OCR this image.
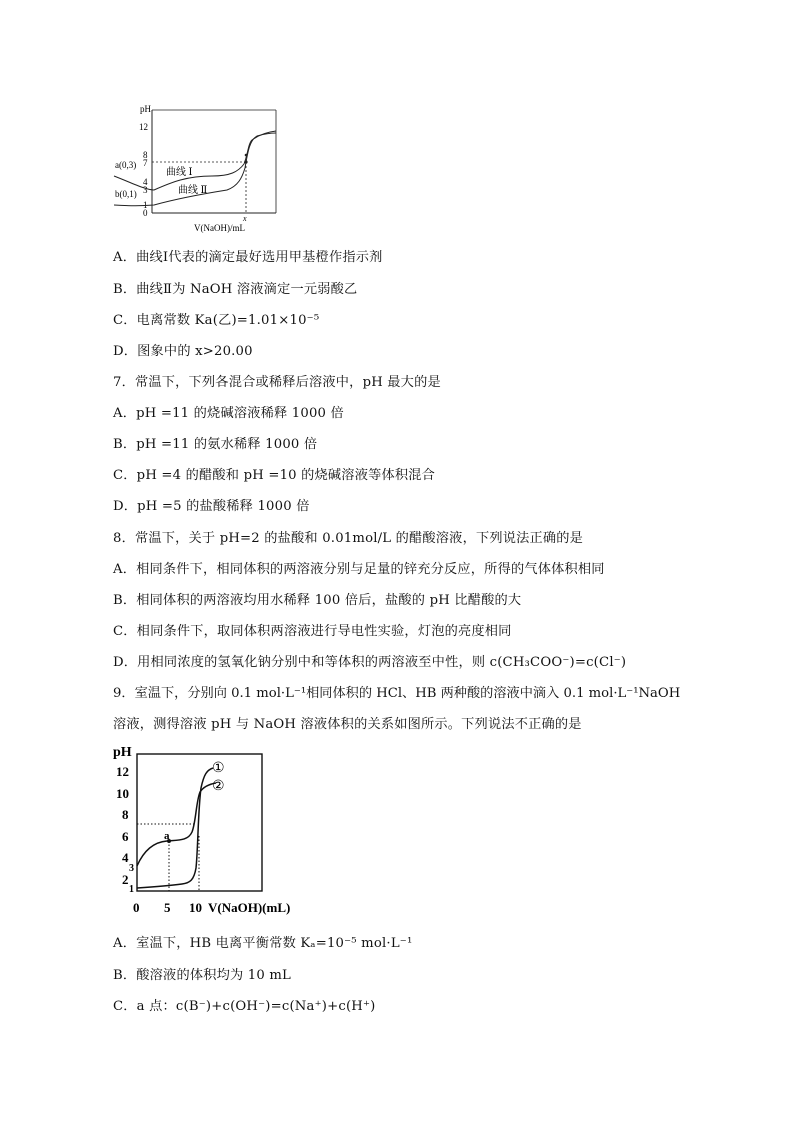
pH
12
8
7
4
3
1
0
a(0,3)
b(0,1)
曲线 Ⅰ
曲线 Ⅱ
x
V(NaOH)/mL
A．曲线Ⅰ代表的滴定最好选用甲基橙作指示剂
B．曲线Ⅱ为 NaOH 溶液滴定一元弱酸乙
C．电离常数 Ka(乙)=1.01×10⁻⁵
D．图象中的 x>20.00
7．常温下，下列各混合或稀释后溶液中，pH 最大的是
A．pH =11 的烧碱溶液稀释 1000 倍
B．pH =11 的氨水稀释 1000 倍
C．pH =4 的醋酸和 pH =10 的烧碱溶液等体积混合
D．pH =5 的盐酸稀释 1000 倍
8．常温下，关于 pH=2 的盐酸和 0.01mol/L 的醋酸溶液，下列说法正确的是
A．相同条件下，相同体积的两溶液分别与足量的锌充分反应，所得的气体体积相同
B．相同体积的两溶液均用水稀释 100 倍后，盐酸的 pH 比醋酸的大
C．相同条件下，取同体积两溶液进行导电性实验，灯泡的亮度相同
D．用相同浓度的氢氧化钠分别中和等体积的两溶液至中性，则 c(CH₃COO⁻)=c(Cl⁻)
9．室温下，分别向 0.1 mol·L⁻¹相同体积的 HCl、HB 两种酸的溶液中滴入 0.1 mol·L⁻¹NaOH
溶液，测得溶液 pH 与 NaOH 溶液体积的关系如图所示。下列说法不正确的是
pH
12
10
8
6
4
3
2
1
a
①
②
0 5 10 V(NaOH)(mL)
A．室温下，HB 电离平衡常数 Kₐ=10⁻⁵ mol·L⁻¹
B．酸溶液的体积均为 10 mL
C．a 点：c(B⁻)+c(OH⁻)=c(Na⁺)+c(H⁺)
